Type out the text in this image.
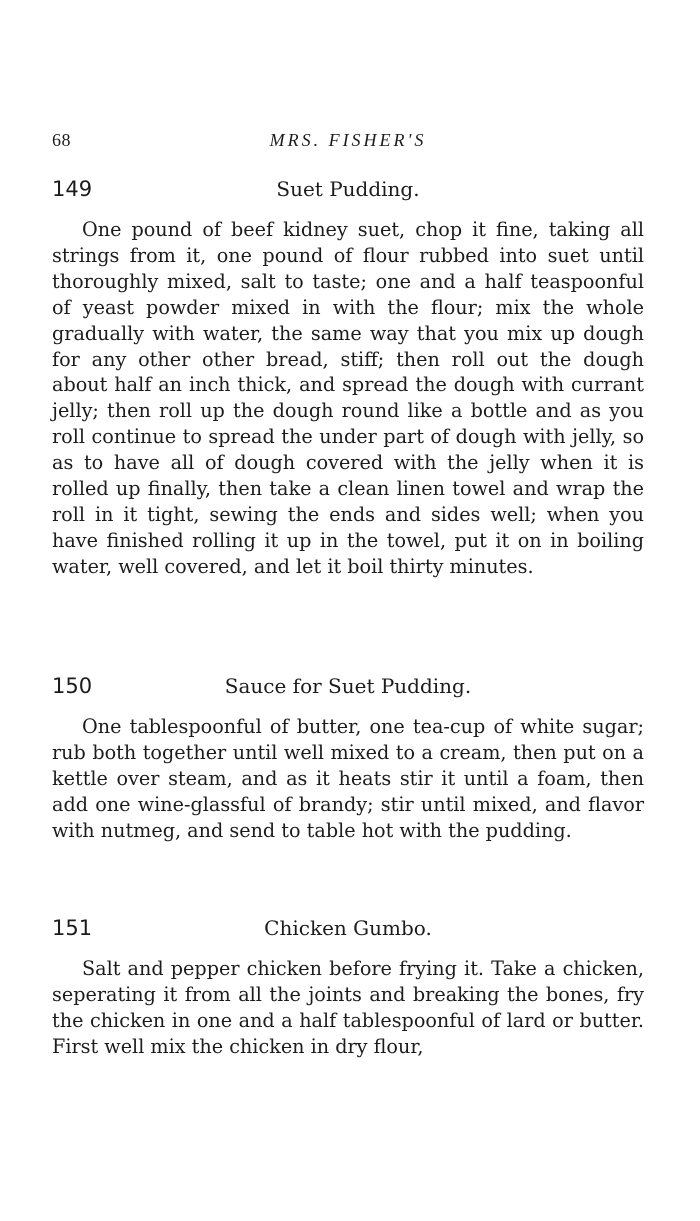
68	MRS. FISHER'S
149	Suet Pudding.

One pound of beef kidney suet, chop it fine, taking all strings from it, one pound of flour rubbed into suet until thoroughly mixed, salt to taste; one and a half teaspoonful of yeast powder mixed in with the flour; mix the whole gradually with water, the same way that you mix up dough for any other other bread, stiff; then roll out the dough about half an inch thick, and spread the dough with currant jelly; then roll up the dough round like a bottle and as you roll continue to spread the under part of dough with jelly, so as to have all of dough covered with the jelly when it is rolled up finally, then take a clean linen towel and wrap the roll in it tight, sewing the ends and sides well; when you have finished rolling it up in the towel, put it on in boiling water, well covered, and let it boil thirty minutes.

150	Sauce for Suet Pudding.

One tablespoonful of butter, one tea-cup of white sugar; rub both together until well mixed to a cream, then put on a kettle over steam, and as it heats stir it until a foam, then add one wine-glassful of brandy; stir until mixed, and flavor with nutmeg, and send to table hot with the pudding.

151	Chicken Gumbo.

Salt and pepper chicken before frying it. Take a chicken, seperating it from all the joints and breaking the bones, fry the chicken in one and a half tablespoonful of lard or butter. First well mix the chicken in dry flour,
